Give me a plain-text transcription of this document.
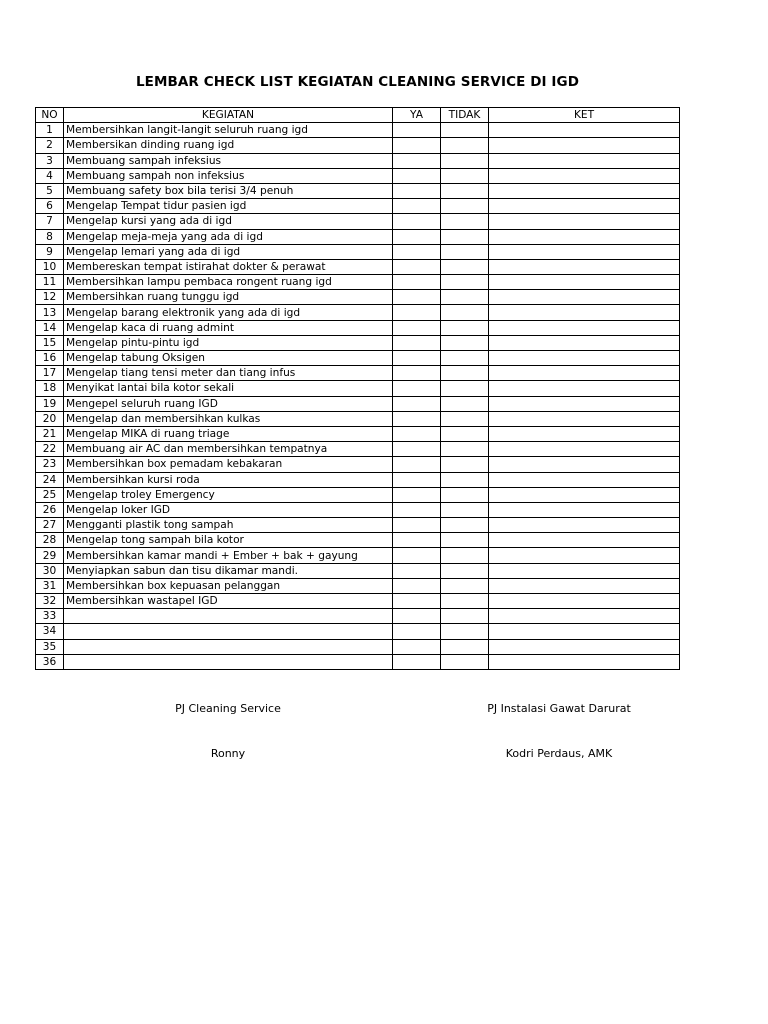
LEMBAR CHECK LIST KEGIATAN CLEANING SERVICE DI IGD
NO	KEGIATAN	YA	TIDAK	KET
1	Membersihkan langit-langit seluruh ruang igd			
2	Membersikan dinding ruang igd			
3	Membuang sampah infeksius			
4	Membuang sampah non infeksius			
5	Membuang safety box bila terisi 3/4 penuh			
6	Mengelap Tempat tidur pasien igd			
7	Mengelap kursi yang ada di igd			
8	Mengelap meja-meja yang ada di igd			
9	Mengelap lemari yang ada di igd			
10	Membereskan tempat istirahat dokter & perawat			
11	Membersihkan lampu pembaca rongent ruang igd			
12	Membersihkan ruang tunggu igd			
13	Mengelap barang elektronik yang ada di igd			
14	Mengelap kaca di ruang admint			
15	Mengelap pintu-pintu igd			
16	Mengelap tabung Oksigen			
17	Mengelap tiang tensi meter dan tiang infus			
18	Menyikat lantai bila kotor sekali			
19	Mengepel seluruh ruang IGD			
20	Mengelap dan membersihkan kulkas			
21	Mengelap MIKA di ruang triage			
22	Membuang air AC dan membersihkan tempatnya			
23	Membersihkan box pemadam kebakaran			
24	Membersihkan kursi roda			
25	Mengelap troley Emergency			
26	Mengelap loker IGD			
27	Mengganti plastik tong sampah			
28	Mengelap tong sampah bila kotor			
29	Membersihkan kamar mandi + Ember + bak + gayung			
30	Menyiapkan sabun dan tisu dikamar mandi.			
31	Membersihkan box kepuasan pelanggan			
32	Membersihkan wastapel IGD			
33				
34				
35				
36				
PJ Cleaning Service
Ronny
PJ Instalasi Gawat Darurat
Kodri Perdaus, AMK
